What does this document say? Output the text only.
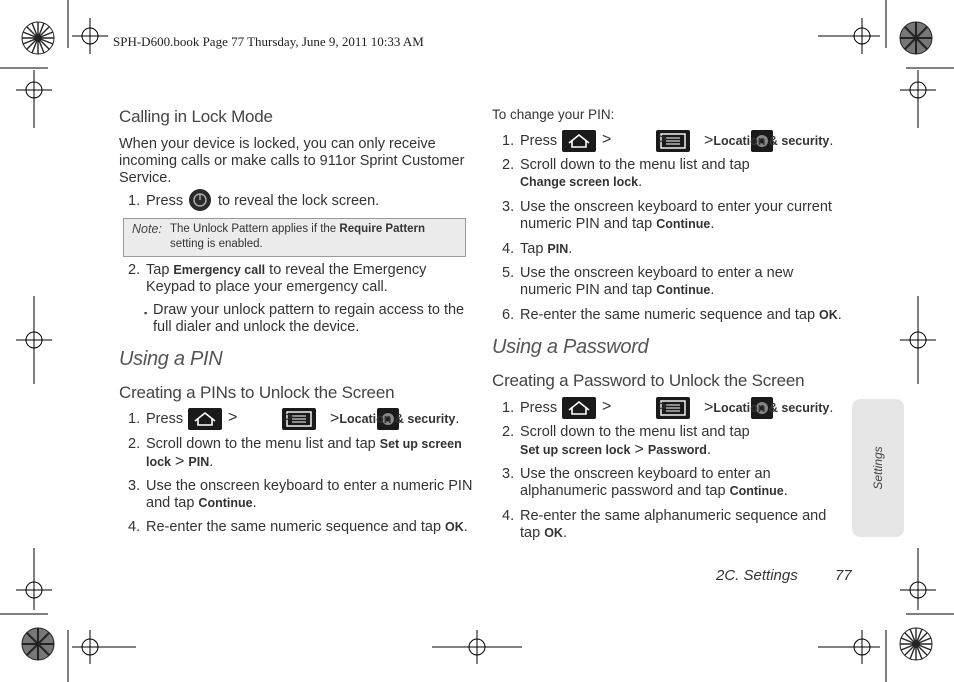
SPH-D600.book Page 77 Thursday, June 9, 2011 10:33 AM
Calling in Lock Mode
When your device is locked, you can only receive
incoming calls or make calls to 911or Sprint Customer
Service.
1. Press to reveal the lock screen.
Note: The Unlock Pattern applies if the Require Pattern
setting is enabled.
2. Tap Emergency call to reveal the Emergency
Keypad to place your emergency call.
▪ Draw your unlock pattern to regain access to the
full dialer and unlock the device.
Using a PIN
Creating a PINs to Unlock the Screen
1. Press
	>
	> >Location & security.
2. Scroll down to the menu list and tap Set up screen
lock > PIN.
3. Use the onscreen keyboard to enter a numeric PIN
and tap Continue.
4. Re-enter the same numeric sequence and tap OK.
To change your PIN:
1. Press
	>
	> >Location & security.
2. Scroll down to the menu list and tap
Change screen lock.
3. Use the onscreen keyboard to enter your current
numeric PIN and tap Continue.
4. Tap PIN.
5. Use the onscreen keyboard to enter a new
numeric PIN and tap Continue.
6. Re-enter the same numeric sequence and tap OK.
Using a Password
Creating a Password to Unlock the Screen
1. Press
	>
	> >Location & security.
2. Scroll down to the menu list and tap
Set up screen lock > Password.
3. Use the onscreen keyboard to enter an
alphanumeric password and tap Continue.
4. Re-enter the same alphanumeric sequence and
tap OK.
Settings
2C. Settings 77
